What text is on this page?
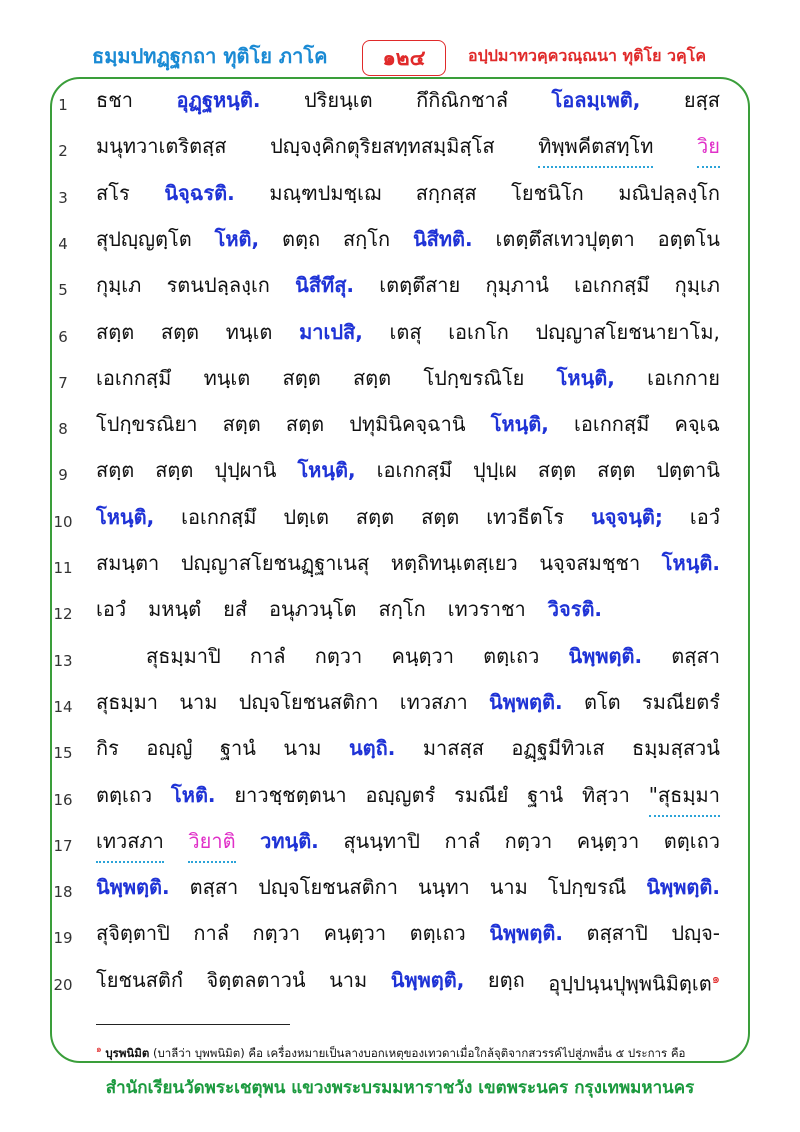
ธมฺมปทฏฺฐกถา ทุติโย ภาโค	๑๒๔	อปฺปมาทวคฺควณฺณนา ทุติโย วคฺโค
1	ธชา อุฏฺฐหนฺติ. ปริยนฺเต กึกิณิกชาลํ โอลมฺเพติ, ยสฺส
2	มนุทวาเตริตสฺส ปญฺจงฺคิกตุริยสทฺทสมฺมิสฺโส ทิพฺพคีตสทฺโท วิย
3	สโร นิจฺฉรติ. มณฺฑปมชฺเฌ สกฺกสฺส โยชนิโก มณิปลฺลงฺโก
4	สุปญฺญตฺโต โหติ, ตตฺถ สกฺโก นิสีทติ. เตตฺตึสเทวปุตฺตา อตฺตโน
5	กุมฺเภ รตนปลฺลงฺเก นิสีทึสุ. เตตฺตึสาย กุมฺภานํ เอเกกสฺมึ กุมฺเภ
6	สตฺต สตฺต ทนฺเต มาเปสิ, เตสุ เอเกโก ปญฺญาสโยชนายาโม,
7	เอเกกสฺมึ ทนฺเต สตฺต สตฺต โปกฺขรณิโย โหนฺติ, เอเกกาย
8	โปกฺขรณิยา สตฺต สตฺต ปทุมินิคจฺฉานิ โหนฺติ, เอเกกสฺมึ คจฺเฉ
9	สตฺต สตฺต ปุปฺผานิ โหนฺติ, เอเกกสฺมึ ปุปฺเผ สตฺต สตฺต ปตฺตานิ
10 โหนฺติ, เอเกกสฺมึ ปตฺเต สตฺต สตฺต เทวธีตโร นจฺจนฺติ; เอวํ
11 สมนฺตา ปญฺญาสโยชนฏฺฐาเนสุ หตฺถิทนฺเตสฺเยว นจฺจสมชฺชา โหนฺติ.
12 เอวํ มหนฺตํ ยสํ อนุภวนฺโต สกฺโก เทวราชา วิจรติ.
13	สุธมฺมาปิ กาลํ กตฺวา คนฺตฺวา ตตฺเถว นิพฺพตฺติ. ตสฺสา
14 สุธมฺมา นาม ปญฺจโยชนสติกา เทวสภา นิพฺพตฺติ. ตโต รมณียตรํ
15 กิร อญฺญํ ฐานํ นาม นตฺถิ. มาสสฺส อฏฺฐมีทิวเส ธมฺมสฺสวนํ
16 ตตฺเถว โหติ. ยาวชฺชตฺตนา อญฺญตรํ รมณียํ ฐานํ ทิสฺวา "สุธมฺมา
17 เทวสภา วิยาติ วทนฺติ. สุนนฺทาปิ กาลํ กตฺวา คนฺตฺวา ตตฺเถว
18 นิพฺพตฺติ. ตสฺสา ปญฺจโยชนสติกา นนฺทา นาม โปกฺขรณี นิพฺพตฺติ.
19 สุจิตฺตาปิ กาลํ กตฺวา คนฺตฺวา ตตฺเถว นิพฺพตฺติ. ตสฺสาปิ ปญฺจ-
20 โยชนสติกํ จิตฺตลตาวนํ นาม นิพฺพตฺติ, ยตฺถ อุปฺปนฺนปุพฺพนิมิตฺเต$^๑$
$^๑$ บุรพนิมิต (บาลีว่า บุพพนิมิต) คือ เครื่องหมายเป็นลางบอกเหตุของเทวดาเมื่อใกล้จุติจากสวรรค์ไปสู่ภพอื่น ๕ ประการ คือ
สำนักเรียนวัดพระเชตุพน แขวงพระบรมมหาราชวัง เขตพระนคร กรุงเทพมหานคร
